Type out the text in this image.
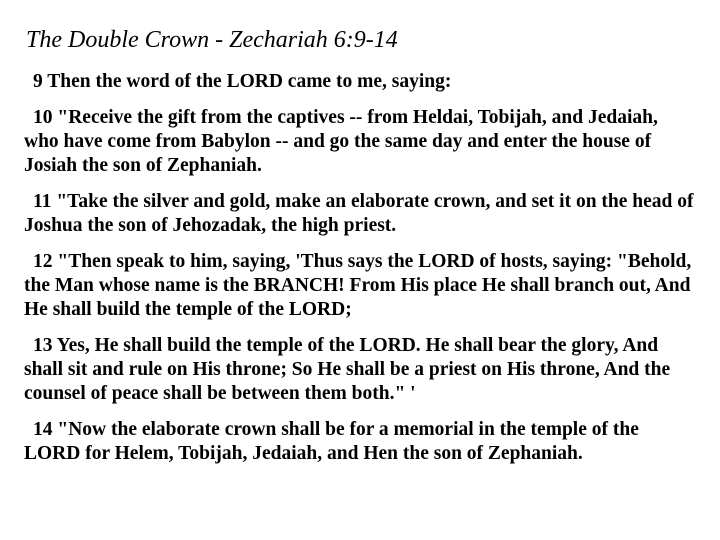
The Double Crown - Zechariah 6:9-14

9 Then the word of the LORD came to me, saying:

10 "Receive the gift from the captives -- from Heldai, Tobijah, and Jedaiah, who have come from Babylon -- and go the same day and enter the house of Josiah the son of Zephaniah.

11 "Take the silver and gold, make an elaborate crown, and set it on the head of Joshua the son of Jehozadak, the high priest.

12 "Then speak to him, saying, 'Thus says the LORD of hosts, saying: "Behold, the Man whose name is the BRANCH! From His place He shall branch out, And He shall build the temple of the LORD;

13 Yes, He shall build the temple of the LORD. He shall bear the glory, And shall sit and rule on His throne; So He shall be a priest on His throne, And the counsel of peace shall be between them both." '

14 "Now the elaborate crown shall be for a memorial in the temple of the LORD for Helem, Tobijah, Jedaiah, and Hen the son of Zephaniah.
